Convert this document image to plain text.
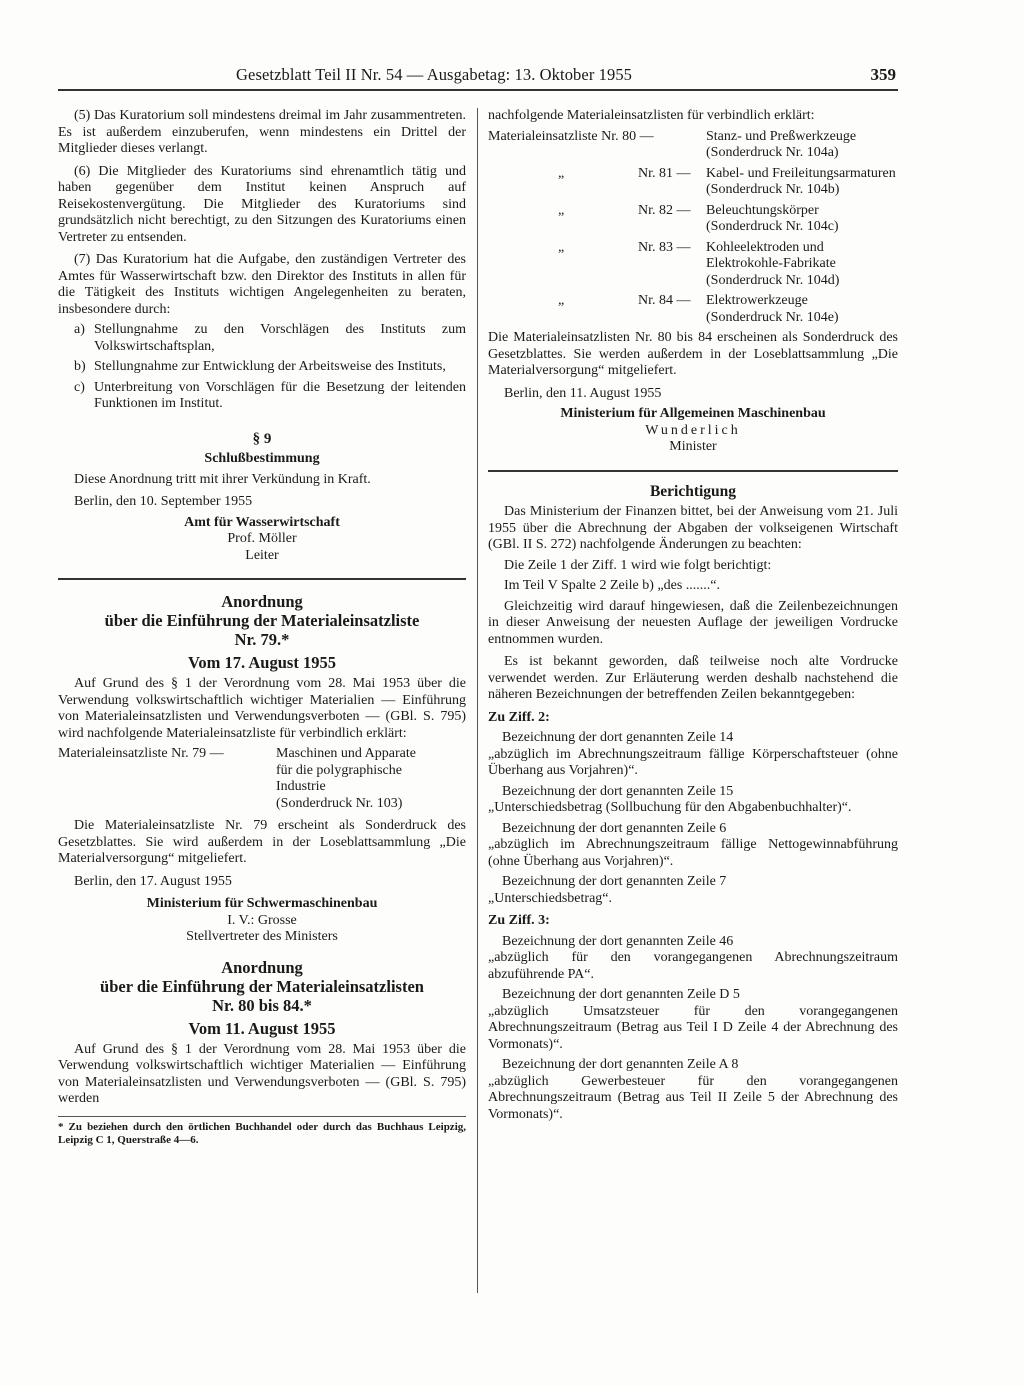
Gesetzblatt Teil II Nr. 54 — Ausgabetag: 13. Oktober 1955	359

(5) Das Kuratorium soll mindestens dreimal im Jahr zusammentreten. Es ist außerdem einzuberufen, wenn mindestens ein Drittel der Mitglieder dieses verlangt.

(6) Die Mitglieder des Kuratoriums sind ehrenamtlich tätig und haben gegenüber dem Institut keinen Anspruch auf Reisekostenvergütung. Die Mitglieder des Kuratoriums sind grundsätzlich nicht berechtigt, zu den Sitzungen des Kuratoriums einen Vertreter zu entsenden.

(7) Das Kuratorium hat die Aufgabe, den zuständigen Vertreter des Amtes für Wasserwirtschaft bzw. den Direktor des Instituts in allen für die Tätigkeit des Instituts wichtigen Angelegenheiten zu beraten, insbesondere durch:

a) Stellungnahme zu den Vorschlägen des Instituts zum Volkswirtschaftsplan,
b) Stellungnahme zur Entwicklung der Arbeitsweise des Instituts,
c) Unterbreitung von Vorschlägen für die Besetzung der leitenden Funktionen im Institut.

§ 9

Schlußbestimmung

Diese Anordnung tritt mit ihrer Verkündung in Kraft.

Berlin, den 10. September 1955

Amt für Wasserwirtschaft

Prof. Möller

Leiter

Anordnung

über die Einführung der Materialeinsatzliste

Nr. 79.*

Vom 17. August 1955

Auf Grund des § 1 der Verordnung vom 28. Mai 1953 über die Verwendung volkswirtschaftlich wichtiger Materialien — Einführung von Materialeinsatzlisten und Verwendungsverboten — (GBl. S. 795) wird nachfolgende Materialeinsatzliste für verbindlich erklärt:

Materialeinsatzliste Nr. 79 —	Maschinen und Apparate

für die polygraphische

Industrie

(Sonderdruck Nr. 103)

Die Materialeinsatzliste Nr. 79 erscheint als Sonderdruck des Gesetzblattes. Sie wird außerdem in der Loseblattsammlung „Die Materialversorgung“ mitgeliefert.

Berlin, den 17. August 1955

Ministerium für Schwermaschinenbau

I. V.: Grosse

Stellvertreter des Ministers

Anordnung

über die Einführung der Materialeinsatzlisten

Nr. 80 bis 84.*

Vom 11. August 1955

Auf Grund des § 1 der Verordnung vom 28. Mai 1953 über die Verwendung volkswirtschaftlich wichtiger Materialien — Einführung von Materialeinsatzlisten und Verwendungsverboten — (GBl. S. 795) werden

* Zu beziehen durch den örtlichen Buchhandel oder durch das Buchhaus Leipzig, Leipzig C 1, Querstraße 4—6.

nachfolgende Materialeinsatzlisten für verbindlich erklärt:

Materialeinsatzliste Nr. 80 —	Stanz- und Preßwerkzeuge

(Sonderdruck Nr. 104a)

„	Nr. 81 —	Kabel- und Freileitungsarmaturen

(Sonderdruck Nr. 104b)

„	Nr. 82 —	Beleuchtungskörper

(Sonderdruck Nr. 104c)

„	Nr. 83 —	Kohleelektroden und Elektrokohle-Fabrikate

(Sonderdruck Nr. 104d)

„	Nr. 84 —	Elektrowerkzeuge

(Sonderdruck Nr. 104e)

Die Materialeinsatzlisten Nr. 80 bis 84 erscheinen als Sonderdruck des Gesetzblattes. Sie werden außerdem in der Loseblattsammlung „Die Materialversorgung“ mitgeliefert.

Berlin, den 11. August 1955

Ministerium für Allgemeinen Maschinenbau

Wunderlich

Minister

Berichtigung

Das Ministerium der Finanzen bittet, bei der Anweisung vom 21. Juli 1955 über die Abrechnung der Abgaben der volkseigenen Wirtschaft (GBl. II S. 272) nachfolgende Änderungen zu beachten:

Die Zeile 1 der Ziff. 1 wird wie folgt berichtigt:

Im Teil V Spalte 2 Zeile b) „des .......“.

Gleichzeitig wird darauf hingewiesen, daß die Zeilenbezeichnungen in dieser Anweisung der neuesten Auflage der jeweiligen Vordrucke entnommen wurden.

Es ist bekannt geworden, daß teilweise noch alte Vordrucke verwendet werden. Zur Erläuterung werden deshalb nachstehend die näheren Bezeichnungen der betreffenden Zeilen bekanntgegeben:

Zu Ziff. 2:

Bezeichnung der dort genannten Zeile 14

„abzüglich im Abrechnungszeitraum fällige Körperschaftsteuer (ohne Überhang aus Vorjahren)“.

Bezeichnung der dort genannten Zeile 15

„Unterschiedsbetrag (Sollbuchung für den Abgabenbuchhalter)“.

Bezeichnung der dort genannten Zeile 6

„abzüglich im Abrechnungszeitraum fällige Nettogewinnabführung (ohne Überhang aus Vorjahren)“.

Bezeichnung der dort genannten Zeile 7

„Unterschiedsbetrag“.

Zu Ziff. 3:

Bezeichnung der dort genannten Zeile 46

„abzüglich für den vorangegangenen Abrechnungszeitraum abzuführende PA“.

Bezeichnung der dort genannten Zeile D 5

„abzüglich Umsatzsteuer für den vorangegangenen Abrechnungszeitraum (Betrag aus Teil I D Zeile 4 der Abrechnung des Vormonats)“.

Bezeichnung der dort genannten Zeile A 8

„abzüglich Gewerbesteuer für den vorangegangenen Abrechnungszeitraum (Betrag aus Teil II Zeile 5 der Abrechnung des Vormonats)“.
